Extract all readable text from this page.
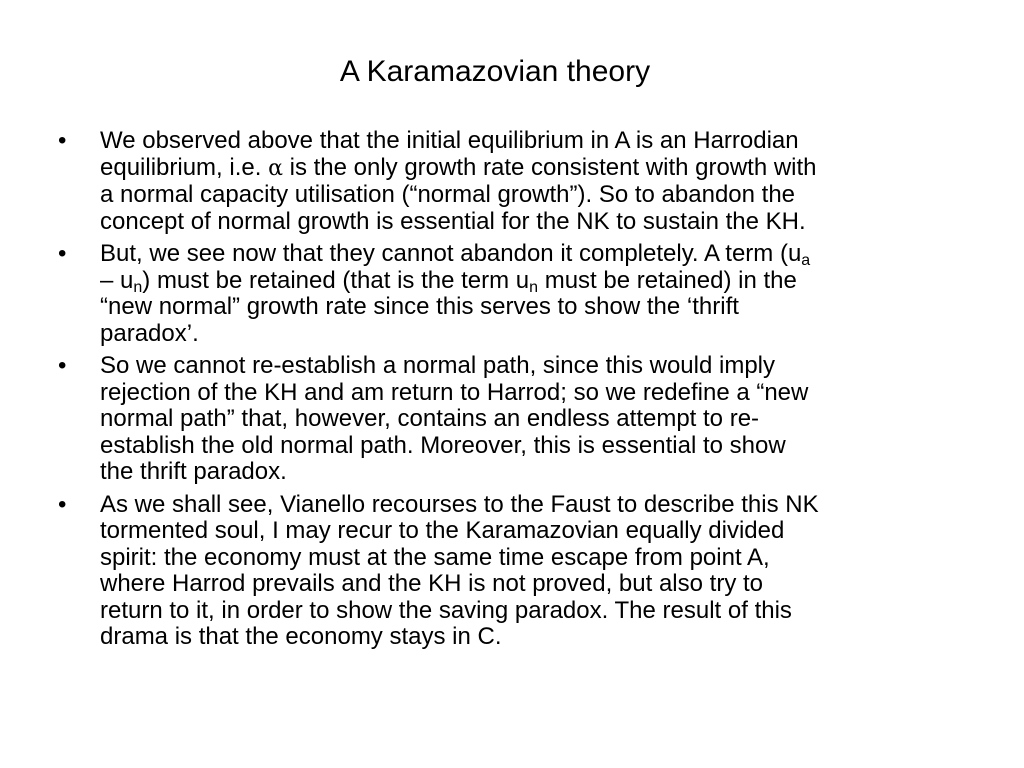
A Karamazovian theory
• We observed above that the initial equilibrium in A is an Harrodian
equilibrium, i.e. α is the only growth rate consistent with growth with
a normal capacity utilisation (“normal growth”). So to abandon the
concept of normal growth is essential for the NK to sustain the KH.
• But, we see now that they cannot abandon it completely. A term ($u_a$
– $u_n$) must be retained (that is the term $u_n$ must be retained) in the
“new normal” growth rate since this serves to show the ‘thrift
paradox’.
• So we cannot re-establish a normal path, since this would imply
rejection of the KH and am return to Harrod; so we redefine a “new
normal path” that, however, contains an endless attempt to re-
establish the old normal path. Moreover, this is essential to show
the thrift paradox.
• As we shall see, Vianello recourses to the Faust to describe this NK
tormented soul, I may recur to the Karamazovian equally divided
spirit: the economy must at the same time escape from point A,
where Harrod prevails and the KH is not proved, but also try to
return to it, in order to show the saving paradox. The result of this
drama is that the economy stays in C.
